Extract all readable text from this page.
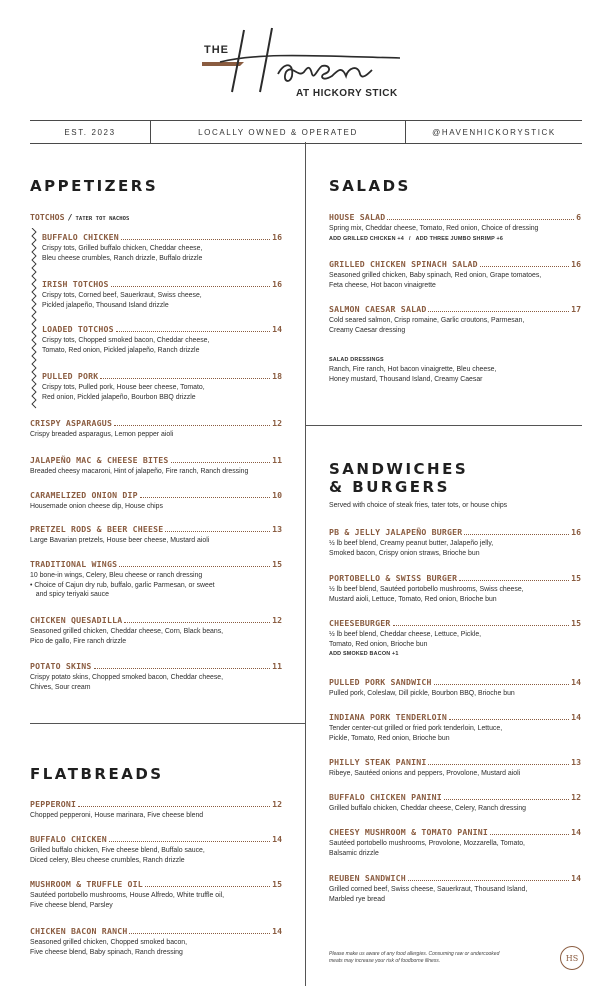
THE
AT HICKORY STICK
EST. 2023	LOCALLY OWNED & OPERATED	@HAVENHICKORYSTICK
APPETIZERS
TOTCHOS / TATER TOT NACHOS
BUFFALO CHICKEN	16
Crispy tots, Grilled buffalo chicken, Cheddar cheese,
Bleu cheese crumbles, Ranch drizzle, Buffalo drizzle
IRISH TOTCHOS	16
Crispy tots, Corned beef, Sauerkraut, Swiss cheese,
Pickled jalapeño, Thousand Island drizzle
LOADED TOTCHOS	14
Crispy tots, Chopped smoked bacon, Cheddar cheese,
Tomato, Red onion, Pickled jalapeño, Ranch drizzle
PULLED PORK	18
Crispy tots, Pulled pork, House beer cheese, Tomato,
Red onion, Pickled jalapeño, Bourbon BBQ drizzle
CRISPY ASPARAGUS	12
Crispy breaded asparagus, Lemon pepper aioli
JALAPEÑO MAC & CHEESE BITES	11
Breaded cheesy macaroni, Hint of jalapeño, Fire ranch, Ranch dressing
CARAMELIZED ONION DIP	10
Housemade onion cheese dip, House chips
PRETZEL RODS & BEER CHEESE	13
Large Bavarian pretzels, House beer cheese, Mustard aioli
TRADITIONAL WINGS	15
10 bone-in wings, Celery, Bleu cheese or ranch dressing
• Choice of Cajun dry rub, buffalo, garlic Parmesan, or sweet
and spicy teriyaki sauce
CHICKEN QUESADILLA	12
Seasoned grilled chicken, Cheddar cheese, Corn, Black beans,
Pico de gallo, Fire ranch drizzle
POTATO SKINS	11
Crispy potato skins, Chopped smoked bacon, Cheddar cheese,
Chives, Sour cream
FLATBREADS
PEPPERONI	12
Chopped pepperoni, House marinara, Five cheese blend
BUFFALO CHICKEN	14
Grilled buffalo chicken, Five cheese blend, Buffalo sauce,
Diced celery, Bleu cheese crumbles, Ranch drizzle
MUSHROOM & TRUFFLE OIL	15
Sautéed portobello mushrooms, House Alfredo, White truffle oil,
Five cheese blend, Parsley
CHICKEN BACON RANCH	14
Seasoned grilled chicken, Chopped smoked bacon,
Five cheese blend, Baby spinach, Ranch dressing
SALADS
HOUSE SALAD	6
Spring mix, Cheddar cheese, Tomato, Red onion, Choice of dressing
ADD GRILLED CHICKEN +4   /   ADD THREE JUMBO SHRIMP +6
GRILLED CHICKEN SPINACH SALAD	16
Seasoned grilled chicken, Baby spinach, Red onion, Grape tomatoes,
Feta cheese, Hot bacon vinaigrette
SALMON CAESAR SALAD	17
Cold seared salmon, Crisp romaine, Garlic croutons, Parmesan,
Creamy Caesar dressing
SALAD DRESSINGS
Ranch, Fire ranch, Hot bacon vinaigrette, Bleu cheese,
Honey mustard, Thousand Island, Creamy Caesar
SANDWICHES
& BURGERS
Served with choice of steak fries, tater tots, or house chips
PB & JELLY JALAPEÑO BURGER	16
½ lb beef blend, Creamy peanut butter, Jalapeño jelly,
Smoked bacon, Crispy onion straws, Brioche bun
PORTOBELLO & SWISS BURGER	15
½ lb beef blend, Sautéed portobello mushrooms, Swiss cheese,
Mustard aioli, Lettuce, Tomato, Red onion, Brioche bun
CHEESEBURGER	15
½ lb beef blend, Cheddar cheese, Lettuce, Pickle,
Tomato, Red onion, Brioche bun
ADD SMOKED BACON +1
PULLED PORK SANDWICH	14
Pulled pork, Coleslaw, Dill pickle, Bourbon BBQ, Brioche bun
INDIANA PORK TENDERLOIN	14
Tender center-cut grilled or fried pork tenderloin, Lettuce,
Pickle, Tomato, Red onion, Brioche bun
PHILLY STEAK PANINI	13
Ribeye, Sautéed onions and peppers, Provolone, Mustard aioli
BUFFALO CHICKEN PANINI	12
Grilled buffalo chicken, Cheddar cheese, Celery, Ranch dressing
CHEESY MUSHROOM & TOMATO PANINI	14
Sautéed portobello mushrooms, Provolone, Mozzarella, Tomato,
Balsamic drizzle
REUBEN SANDWICH	14
Grilled corned beef, Swiss cheese, Sauerkraut, Thousand Island,
Marbled rye bread
Please make us aware of any food allergies. Consuming raw or undercooked meats may increase your risk of foodborne illness.	HS
